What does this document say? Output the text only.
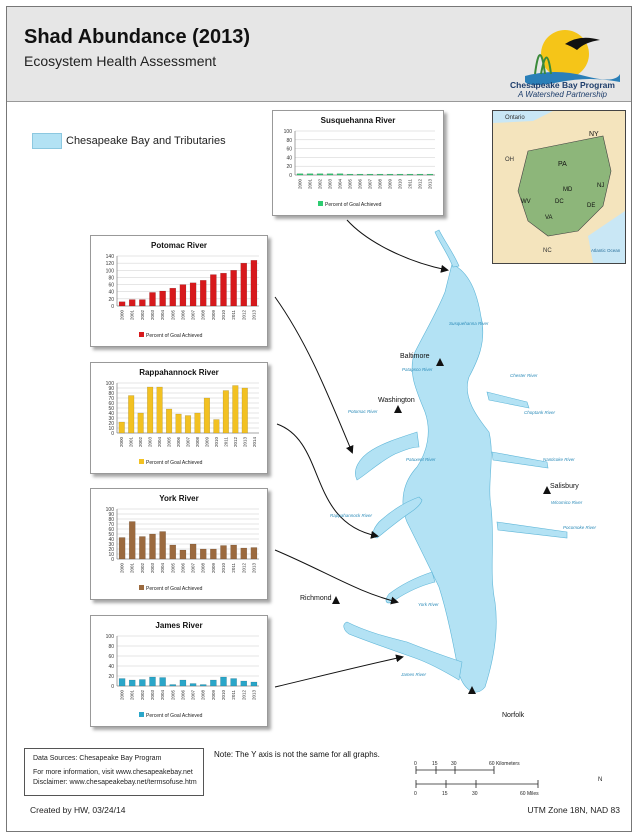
Shad Abundance (2013)
Ecosystem Health Assessment
Chesapeake Bay Program
A Watershed Partnership
Baltimore
Washington
Salisbury
Richmond
Norfolk
Susquehanna River
Patapsco River
Chester River
Choptank River
Nanticoke River
Wicomico River
Pocomoke River
Patuxent River
Potomac River
Rappahannock River
York River
James River
Chesapeake Bay and Tributaries
Susquehanna River
0
20
40
60
80
100
2000 2001 2002 2003 2004 2005 2006 2007 2008 2009 2010 2011 2012 2013
Percent of Goal Achieved
Potomac River
0
20
40
60
80
100
120
140
2000 2001 2002 2003 2004 2005 2006 2007 2008 2009 2010 2011 2012 2013
Percent of Goal Achieved
Rappahannock River
0
10
20
30
40
50
60
70
80
90
100
2000 2001 2002 2003 2004 2005 2006 2007 2008 2009 2010 2011 2012 2013 2014
Percent of Goal Achieved
York River
0
10
20
30
40
50
60
70
80
90
100
2000 2001 2002 2003 2004 2005 2006 2007 2008 2009 2010 2011 2012 2013
Percent of Goal Achieved
James River
0
20
40
60
80
100
2000 2001 2002 2003 2004 2005 2006 2007 2008 2009 2010 2011 2012 2013
Percent of Goal Achieved
Ontario
NY
PA
OH
WV
MD
DE
NJ
DC
VA
NC	Atlantic Ocean
Data Sources: Chesapeake Bay Program
For more information, visit www.chesapeakebay.net
Disclaimer: www.chesapeakebay.net/termsofuse.htm
Note: The Y axis is not the same for all graphs.
0	15	30	60 Kilometers
0	15	30	60 Miles
N
Created by HW, 03/24/14	UTM Zone 18N, NAD 83
